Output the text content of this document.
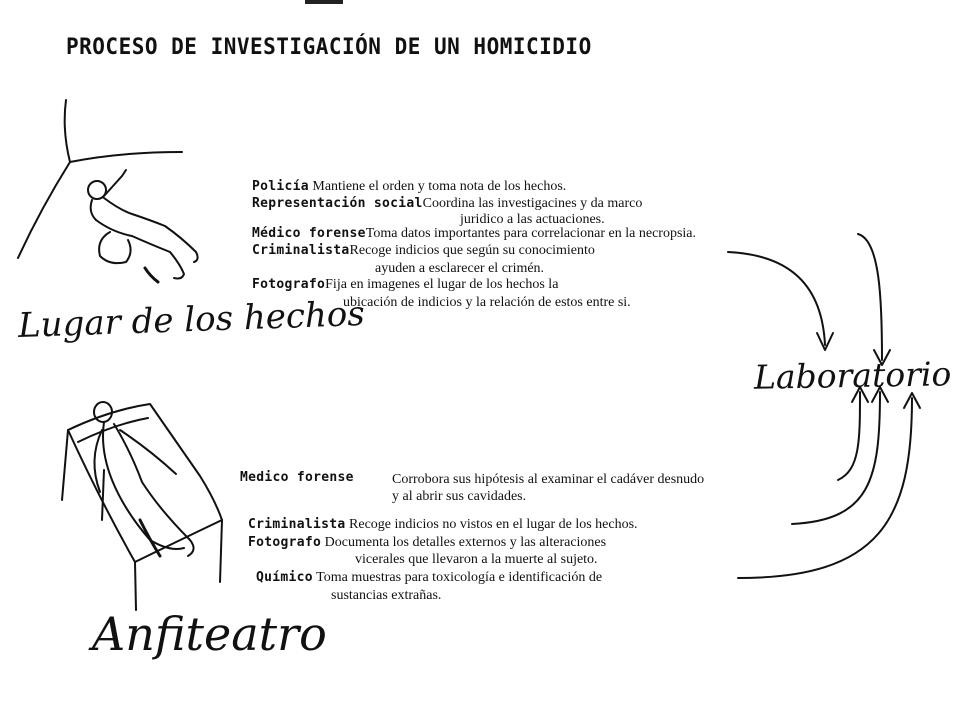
PROCESO DE INVESTIGACIÓN DE UN HOMICIDIO
Lugar de los hechos
Laboratorio
Anfiteatro
Policía Mantiene el orden y toma nota de los hechos.
Representación socialCoordina las investigacines y da marco
juridico a las actuaciones.
Médico forenseToma datos importantes para correlacionar en la necropsia.
CriminalistaRecoge indicios que según su conocimiento
ayuden a esclarecer el crimén.
FotografoFija en imagenes el lugar de los hechos la
ubicación de indicios y la relación de estos entre si.
Medico forense	Corrobora sus hipótesis al examinar el cadáver desnudo
y al abrir sus cavidades.
Criminalista Recoge indicios no vistos en el lugar de los hechos.
Fotografo Documenta los detalles externos y las alteraciones
vicerales que llevaron a la muerte al sujeto.
Químico Toma muestras para toxicología e identificación de
sustancias extrañas.
